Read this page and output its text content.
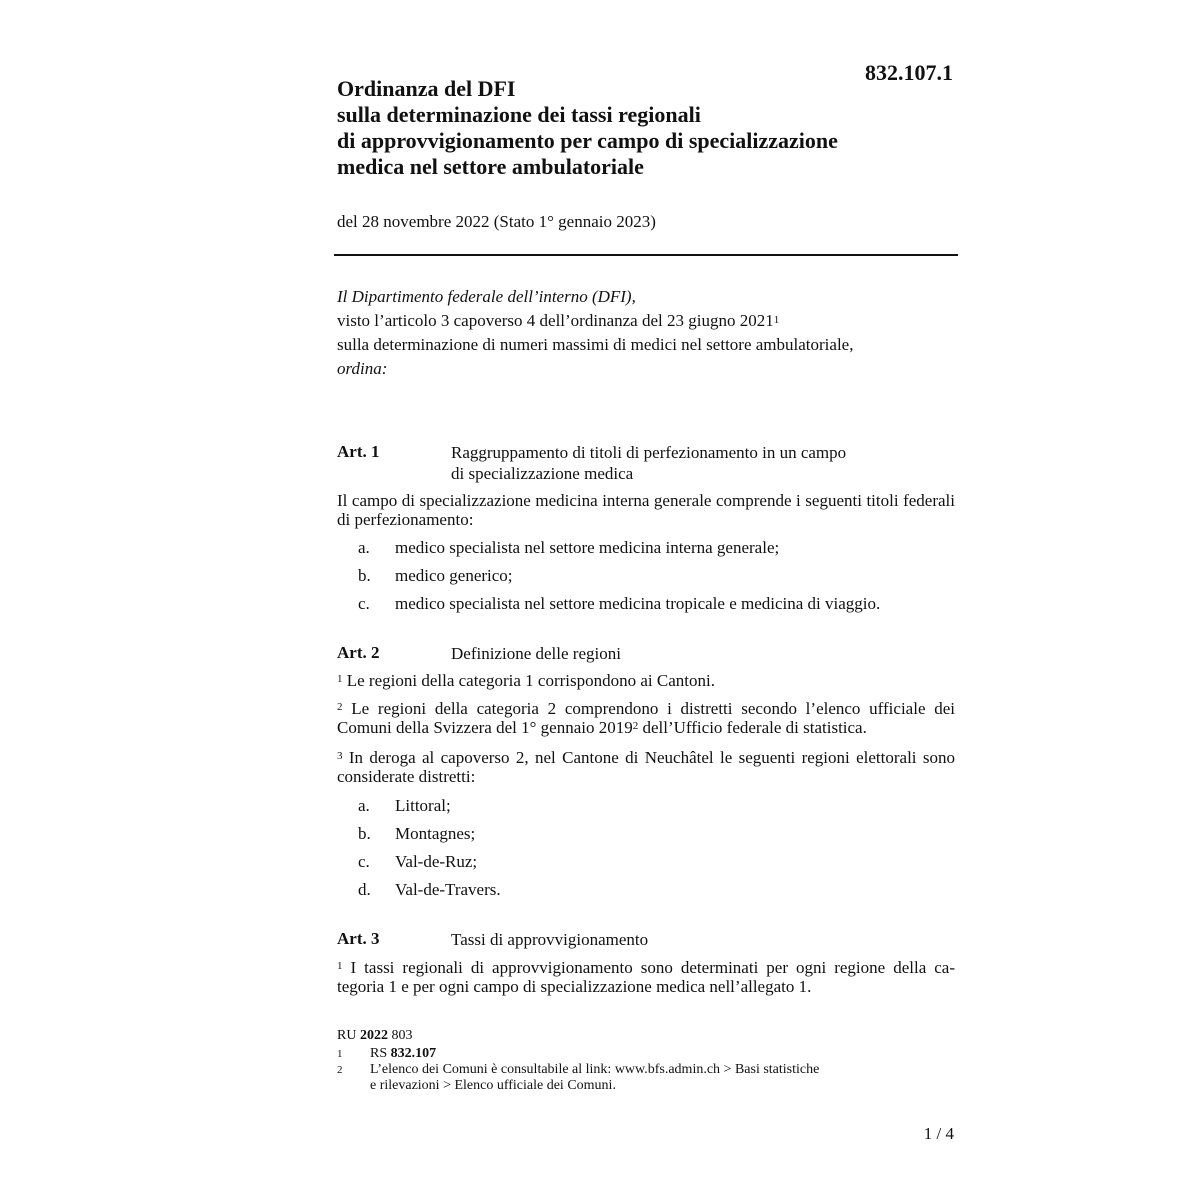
832.107.1
Ordinanza del DFI
sulla determinazione dei tassi regionali
di approvvigionamento per campo di specializzazione
medica nel settore ambulatoriale
del 28 novembre 2022 (Stato 1° gennaio 2023)
Il Dipartimento federale dell’interno (DFI),
visto l’articolo 3 capoverso 4 dell’ordinanza del 23 giugno 2021$^1$
sulla determinazione di numeri massimi di medici nel settore ambulatoriale,
ordina:
Art. 1	Raggruppamento di titoli di perfezionamento in un campo
di specializzazione medica
Il campo di specializzazione medicina interna generale comprende i seguenti titoli federali di perfezionamento:
a. medico specialista nel settore medicina interna generale;
b. medico generico;
c. medico specialista nel settore medicina tropicale e medicina di viaggio.
Art. 2	Definizione delle regioni
$^1$ Le regioni della categoria 1 corrispondono ai Cantoni.
$^2$ Le regioni della categoria 2 comprendono i distretti secondo l’elenco ufficiale dei Comuni della Svizzera del 1° gennaio 2019$^2$ dell’Ufficio federale di statistica.
$^3$ In deroga al capoverso 2, nel Cantone di Neuchâtel le seguenti regioni elettorali sono considerate distretti:
a. Littoral;
b. Montagnes;
c. Val-de-Ruz;
d. Val-de-Travers.
Art. 3	Tassi di approvvigionamento
$^1$ I tassi regionali di approvvigionamento sono determinati per ogni regione della ca-tegoria 1 e per ogni campo di specializzazione medica nell’allegato 1.
RU 2022 803
1 RS 832.107
2 L’elenco dei Comuni è consultabile al link: www.bfs.admin.ch > Basi statistiche
e rilevazioni > Elenco ufficiale dei Comuni.
1 / 4
